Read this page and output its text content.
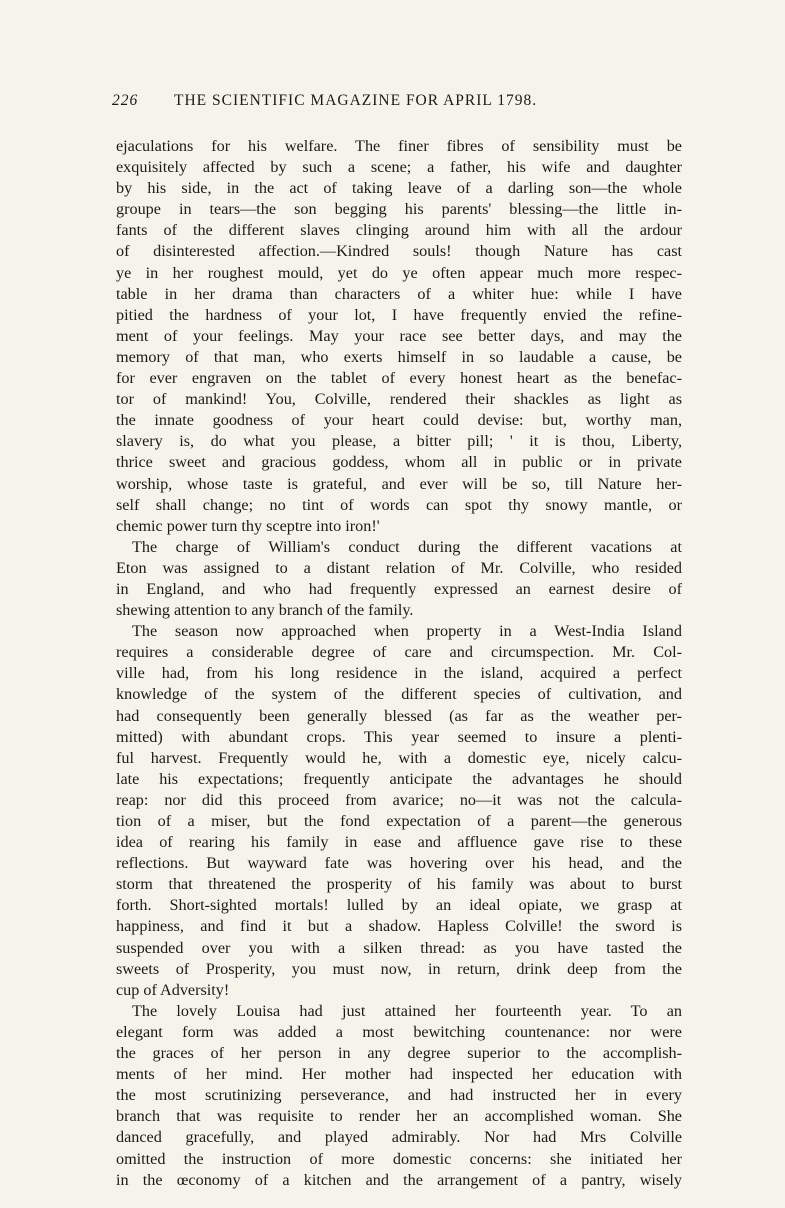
226	THE SCIENTIFIC MAGAZINE FOR APRIL 1798.
ejaculations for his welfare. The finer fibres of sensibility must be
exquisitely affected by such a scene; a father, his wife and daughter
by his side, in the act of taking leave of a darling son—the whole
groupe in tears—the son begging his parents' blessing—the little in-
fants of the different slaves clinging around him with all the ardour
of disinterested affection.—Kindred souls! though Nature has cast
ye in her roughest mould, yet do ye often appear much more respec-
table in her drama than characters of a whiter hue: while I have
pitied the hardness of your lot, I have frequently envied the refine-
ment of your feelings. May your race see better days, and may the
memory of that man, who exerts himself in so laudable a cause, be
for ever engraven on the tablet of every honest heart as the benefac-
tor of mankind! You, Colville, rendered their shackles as light as
the innate goodness of your heart could devise: but, worthy man,
slavery is, do what you please, a bitter pill; ' it is thou, Liberty,
thrice sweet and gracious goddess, whom all in public or in private
worship, whose taste is grateful, and ever will be so, till Nature her-
self shall change; no tint of words can spot thy snowy mantle, or
chemic power turn thy sceptre into iron!'
The charge of William's conduct during the different vacations at
Eton was assigned to a distant relation of Mr. Colville, who resided
in England, and who had frequently expressed an earnest desire of
shewing attention to any branch of the family.
The season now approached when property in a West-India Island
requires a considerable degree of care and circumspection. Mr. Col-
ville had, from his long residence in the island, acquired a perfect
knowledge of the system of the different species of cultivation, and
had consequently been generally blessed (as far as the weather per-
mitted) with abundant crops. This year seemed to insure a plenti-
ful harvest. Frequently would he, with a domestic eye, nicely calcu-
late his expectations; frequently anticipate the advantages he should
reap: nor did this proceed from avarice; no—it was not the calcula-
tion of a miser, but the fond expectation of a parent—the generous
idea of rearing his family in ease and affluence gave rise to these
reflections. But wayward fate was hovering over his head, and the
storm that threatened the prosperity of his family was about to burst
forth. Short-sighted mortals! lulled by an ideal opiate, we grasp at
happiness, and find it but a shadow. Hapless Colville! the sword is
suspended over you with a silken thread: as you have tasted the
sweets of Prosperity, you must now, in return, drink deep from the
cup of Adversity!
The lovely Louisa had just attained her fourteenth year. To an
elegant form was added a most bewitching countenance: nor were
the graces of her person in any degree superior to the accomplish-
ments of her mind. Her mother had inspected her education with
the most scrutinizing perseverance, and had instructed her in every
branch that was requisite to render her an accomplished woman. She
danced gracefully, and played admirably. Nor had Mrs Colville
omitted the instruction of more domestic concerns: she initiated her
in the œconomy of a kitchen and the arrangement of a pantry, wisely
